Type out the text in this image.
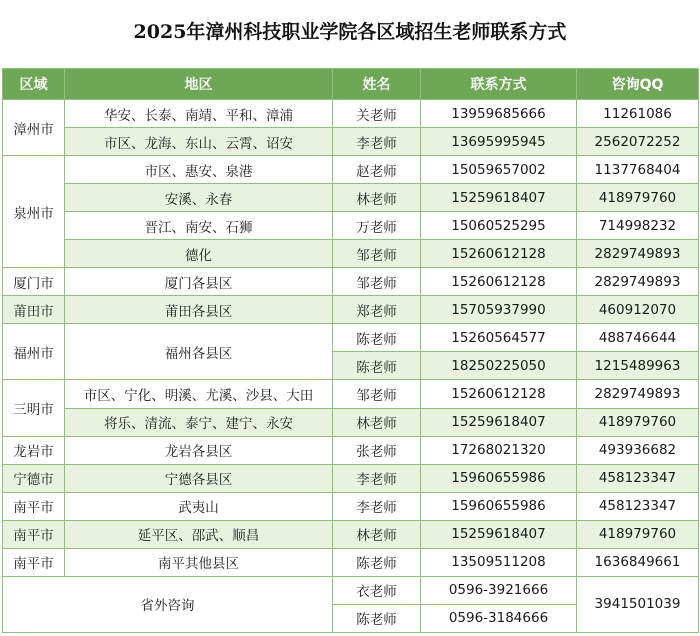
2025年漳州科技职业学院各区域招生老师联系方式
区域	地区	姓名	联系方式	咨询QQ
漳州市	华安、长泰、南靖、平和、漳浦	关老师	13959685666	11261086
	市区、龙海、东山、云霄、诏安	李老师	13695995945	2562072252
泉州市	市区、惠安、泉港	赵老师	15059657002	1137768404
	安溪、永春	林老师	15259618407	418979760
	晋江、南安、石狮	万老师	15060525295	714998232
	德化	邹老师	15260612128	2829749893
厦门市	厦门各县区	邹老师	15260612128	2829749893
莆田市	莆田各县区	郑老师	15705937990	460912070
福州市	福州各县区	陈老师	15260564577	488746644
		陈老师	18250225050	1215489963
三明市	市区、宁化、明溪、尤溪、沙县、大田	邹老师	15260612128	2829749893
	将乐、清流、泰宁、建宁、永安	林老师	15259618407	418979760
龙岩市	龙岩各县区	张老师	17268021320	493936682
宁德市	宁德各县区	李老师	15960655986	458123347
南平市	武夷山	李老师	15960655986	458123347
南平市	延平区、邵武、顺昌	林老师	15259618407	418979760
南平市	南平其他县区	陈老师	13509511208	1636849661
省外咨询		衣老师	0596-3921666	3941501039
		陈老师	0596-3184666	
